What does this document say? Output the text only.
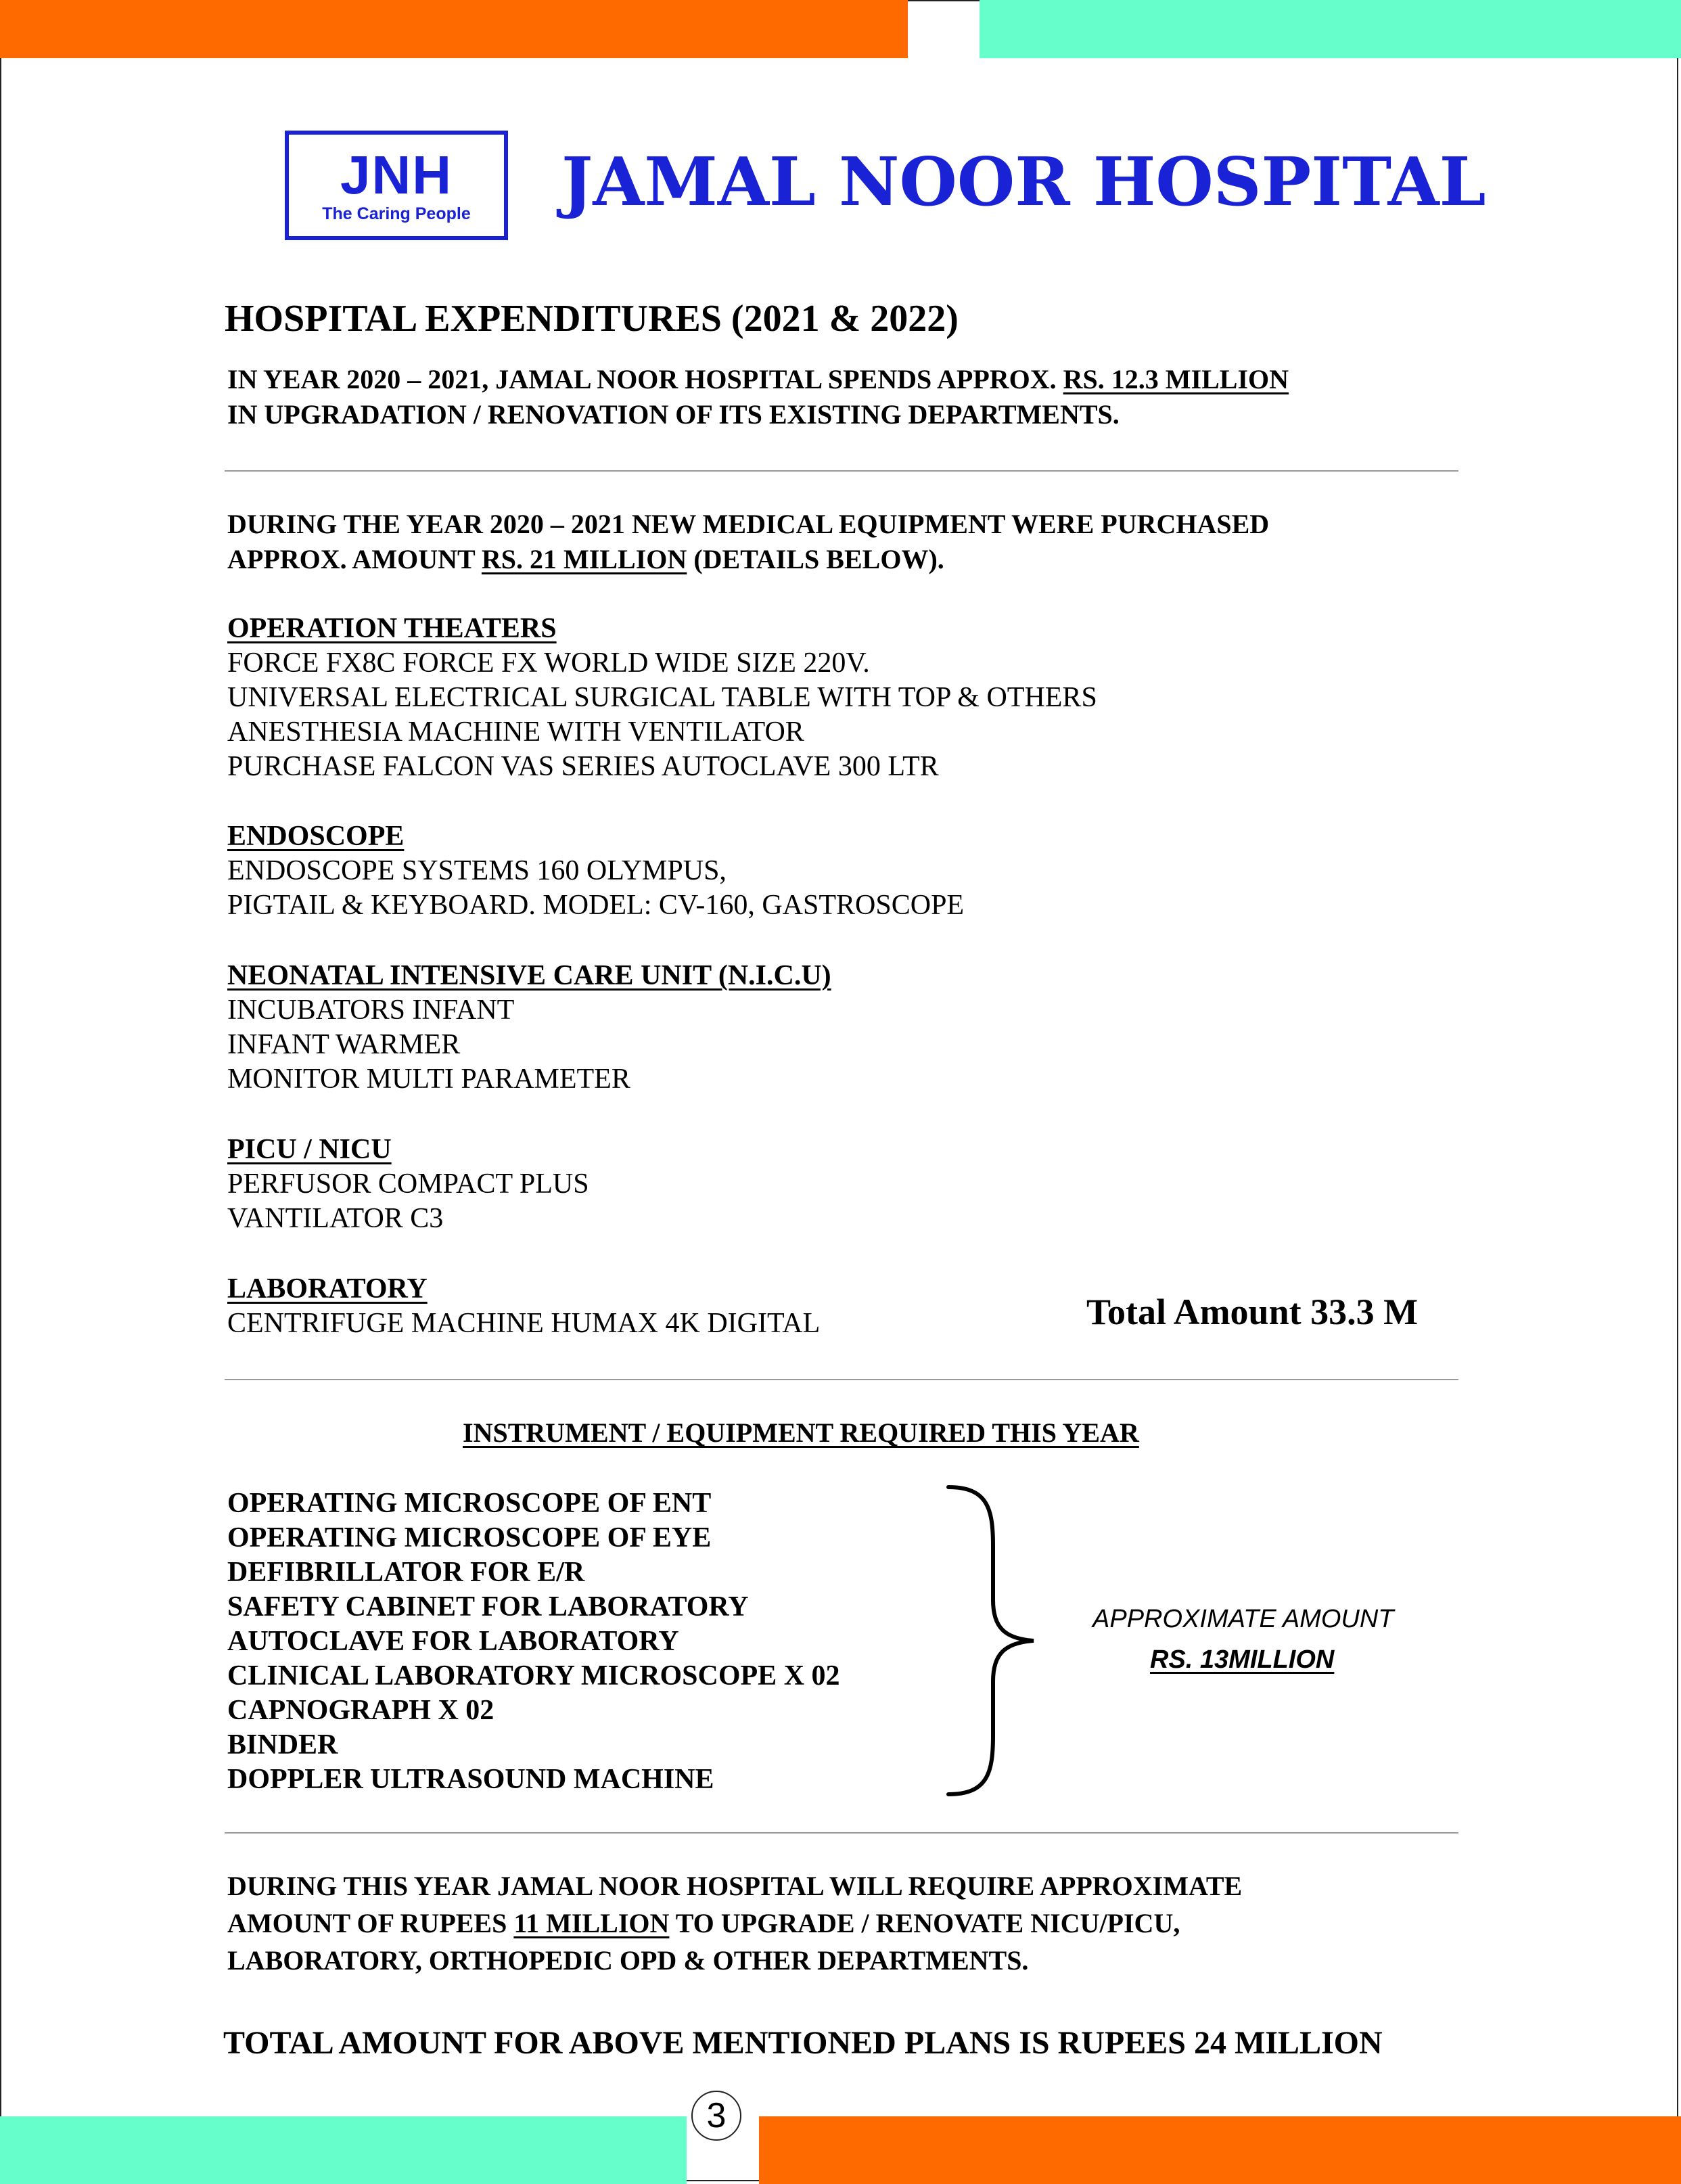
JNH
The Caring People JAMAL NOOR HOSPITAL
HOSPITAL EXPENDITURES (2021 & 2022)
IN YEAR 2020 – 2021, JAMAL NOOR HOSPITAL SPENDS APPROX. RS. 12.3 MILLION
IN UPGRADATION / RENOVATION OF ITS EXISTING DEPARTMENTS.
DURING THE YEAR 2020 – 2021 NEW MEDICAL EQUIPMENT WERE PURCHASED
APPROX. AMOUNT RS. 21 MILLION (DETAILS BELOW).
OPERATION THEATERS
FORCE FX8C FORCE FX WORLD WIDE SIZE 220V.
UNIVERSAL ELECTRICAL SURGICAL TABLE WITH TOP & OTHERS
ANESTHESIA MACHINE WITH VENTILATOR
PURCHASE FALCON VAS SERIES AUTOCLAVE 300 LTR
ENDOSCOPE
ENDOSCOPE SYSTEMS 160 OLYMPUS,
PIGTAIL & KEYBOARD. MODEL: CV-160, GASTROSCOPE
NEONATAL INTENSIVE CARE UNIT (N.I.C.U)
INCUBATORS INFANT
INFANT WARMER
MONITOR MULTI PARAMETER
PICU / NICU
PERFUSOR COMPACT PLUS
VANTILATOR C3
LABORATORY
CENTRIFUGE MACHINE HUMAX 4K DIGITAL	Total Amount 33.3 M
INSTRUMENT / EQUIPMENT REQUIRED THIS YEAR
OPERATING MICROSCOPE OF ENT
OPERATING MICROSCOPE OF EYE
DEFIBRILLATOR FOR E/R
SAFETY CABINET FOR LABORATORY
AUTOCLAVE FOR LABORATORY
CLINICAL LABORATORY MICROSCOPE X 02
CAPNOGRAPH X 02
BINDER
DOPPLER ULTRASOUND MACHINE
APPROXIMATE AMOUNT
RS. 13MILLION
DURING THIS YEAR JAMAL NOOR HOSPITAL WILL REQUIRE APPROXIMATE
AMOUNT OF RUPEES 11 MILLION TO UPGRADE / RENOVATE NICU/PICU,
LABORATORY, ORTHOPEDIC OPD & OTHER DEPARTMENTS.
TOTAL AMOUNT FOR ABOVE MENTIONED PLANS IS RUPEES 24 MILLION
3
